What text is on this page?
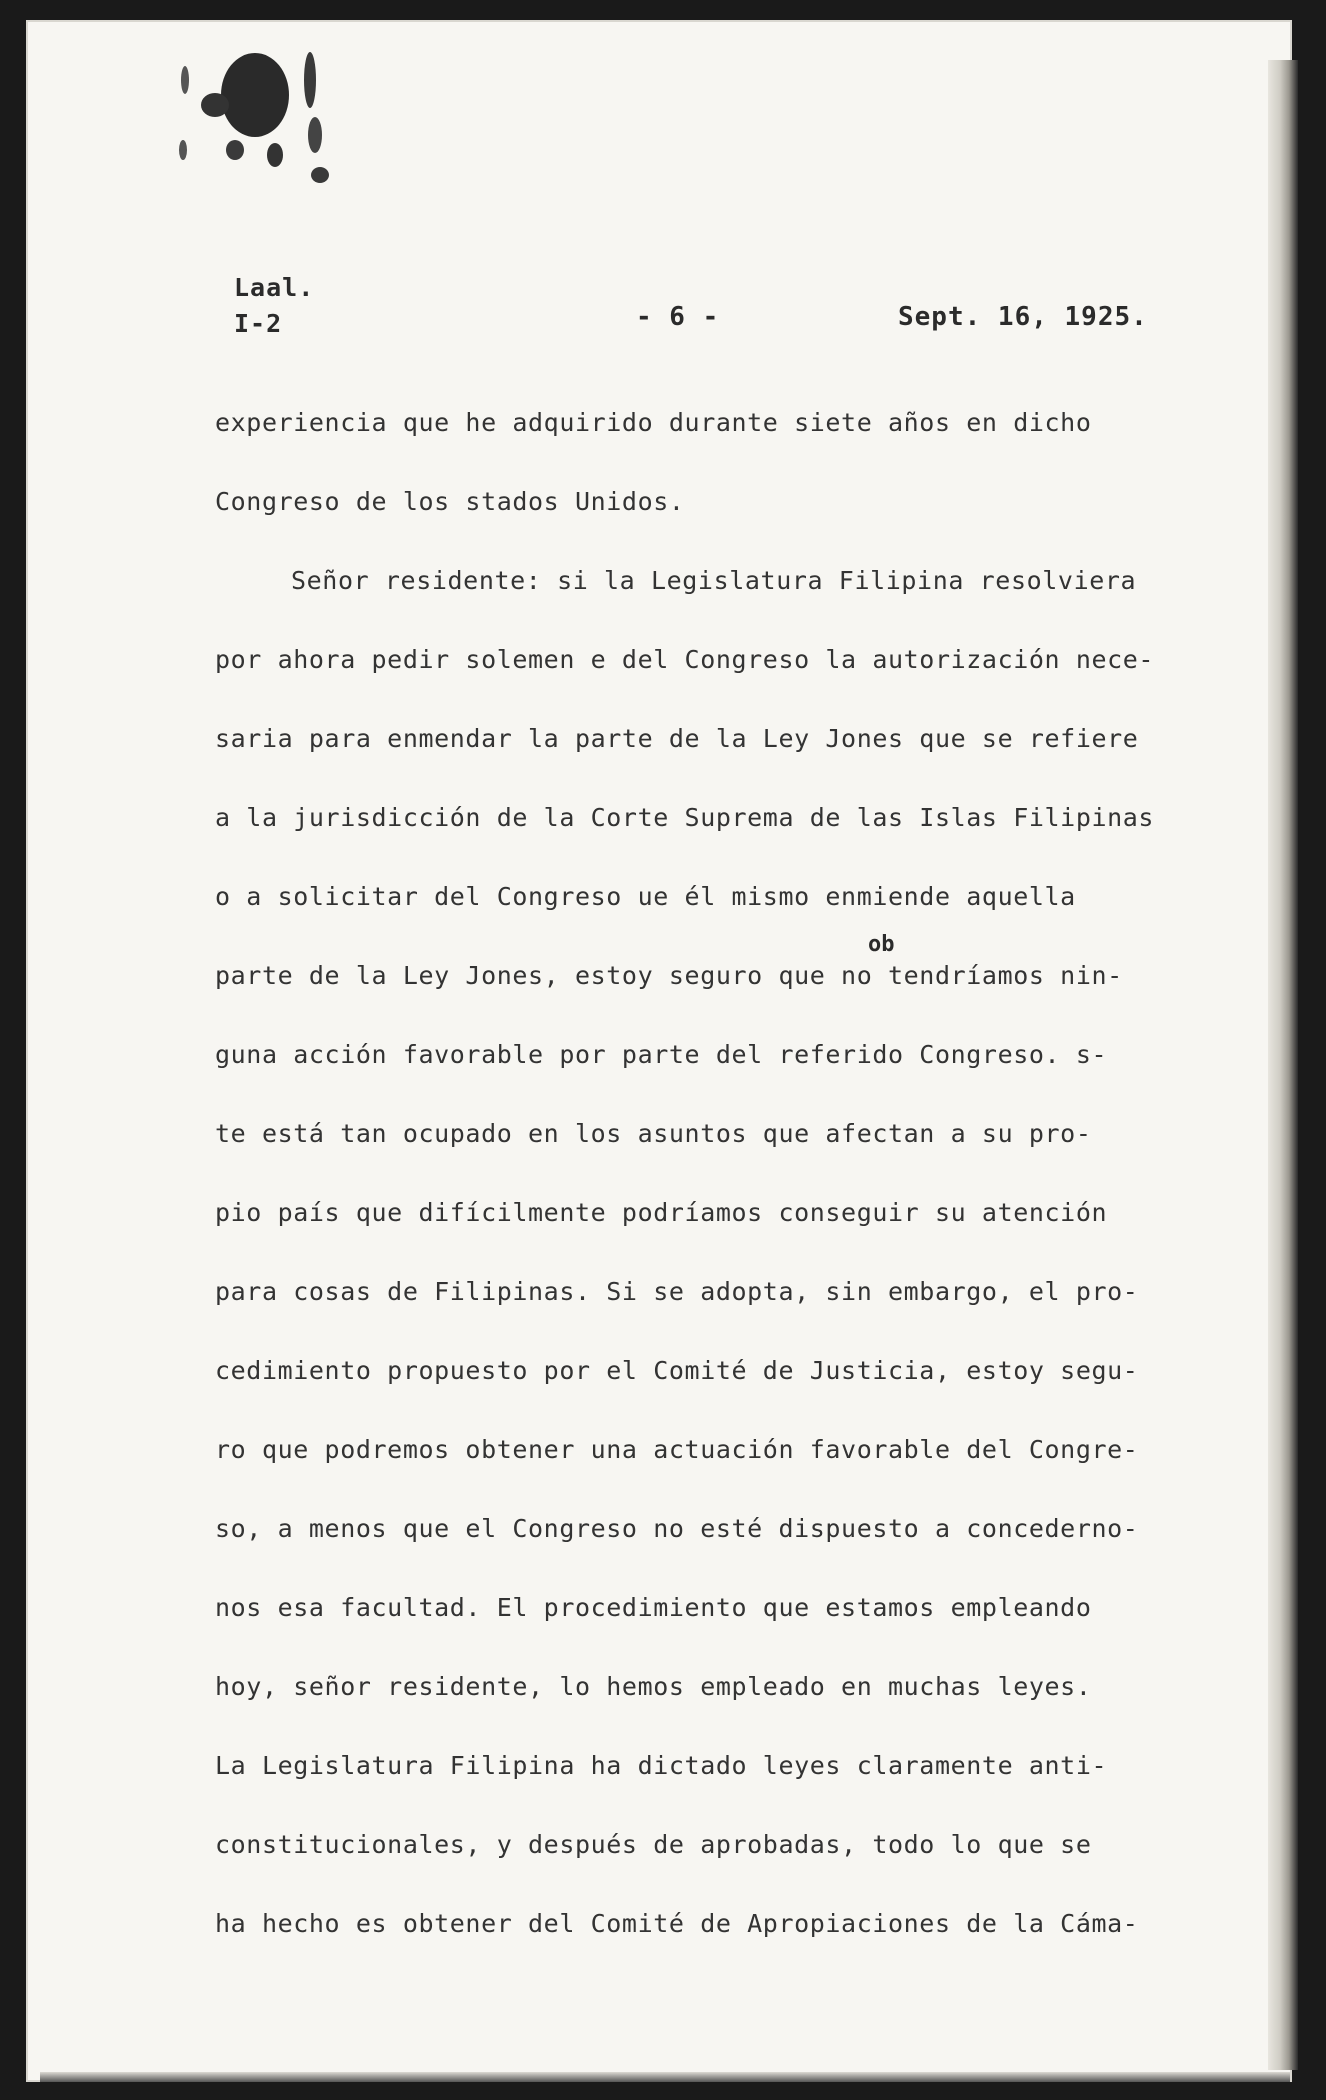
Laal.
I-2	- 6 -	Sept. 16, 1925.
ob
experiencia que he adquirido durante siete años en dicho
Congreso de los stados Unidos.
Señor residente: si la Legislatura Filipina resolviera
por ahora pedir solemen e del Congreso la autorización nece-
saria para enmendar la parte de la Ley Jones que se refiere
a la jurisdicción de la Corte Suprema de las Islas Filipinas
o a solicitar del Congreso ue él mismo enmiende aquella
parte de la Ley Jones, estoy seguro que no tendríamos nin-
guna acción favorable por parte del referido Congreso. s-
te está tan ocupado en los asuntos que afectan a su pro-
pio país que difícilmente podríamos conseguir su atención
para cosas de Filipinas. Si se adopta, sin embargo, el pro-
cedimiento propuesto por el Comité de Justicia, estoy segu-
ro que podremos obtener una actuación favorable del Congre-
so, a menos que el Congreso no esté dispuesto a concederno-
nos esa facultad. El procedimiento que estamos empleando
hoy, señor residente, lo hemos empleado en muchas leyes.
La Legislatura Filipina ha dictado leyes claramente anti-
constitucionales, y después de aprobadas, todo lo que se
ha hecho es obtener del Comité de Apropiaciones de la Cáma-
